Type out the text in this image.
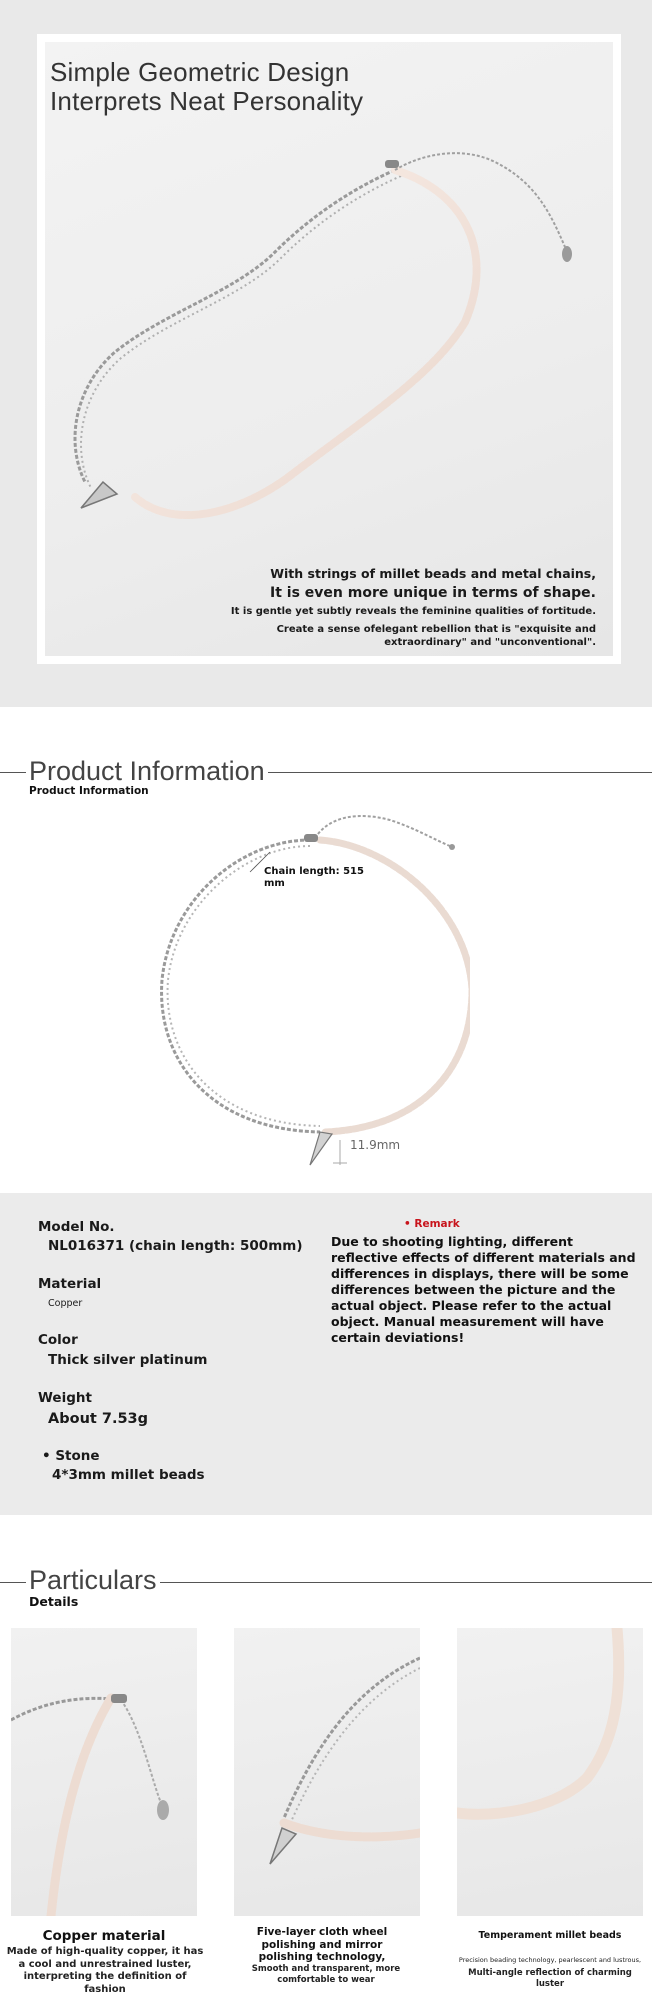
Simple Geometric Design
Interprets Neat Personality
With strings of millet beads and metal chains,
It is even more unique in terms of shape.
It is gentle yet subtly reveals the feminine qualities of fortitude.
Create a sense ofelegant rebellion that is "exquisite and extraordinary" and "unconventional".
Product Information
Product Information
Chain length: 515 mm
11.9mm
Model No.
NL016371 (chain length: 500mm)
Material
Copper
Color
Thick silver platinum
Weight
About 7.53g
• Stone
4*3mm millet beads
• Remark
Due to shooting lighting, different reflective effects of different materials and differences in displays, there will be some differences between the picture and the actual object. Please refer to the actual object. Manual measurement will have certain deviations!
Particulars
Details
Copper material
Made of high-quality copper, it has a cool and unrestrained luster, interpreting the definition of fashion
Five-layer cloth wheel polishing and mirror polishing technology,
Smooth and transparent, more comfortable to wear
Temperament millet beads
Precision beading technology, pearlescent and lustrous,
Multi-angle reflection of charming luster
